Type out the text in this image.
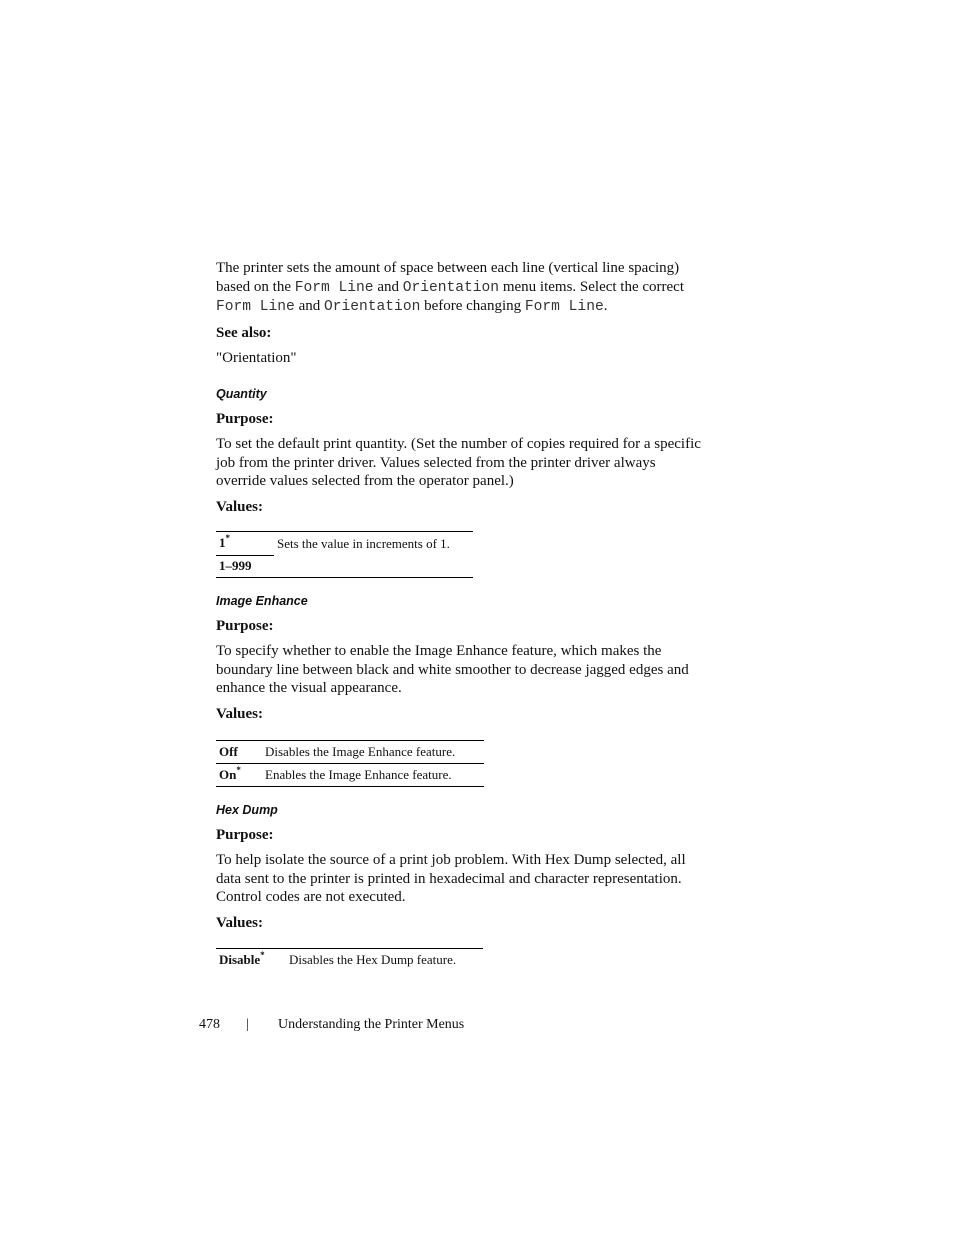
The printer sets the amount of space between each line (vertical line spacing)
based on the Form Line and Orientation menu items. Select the correct
Form Line and Orientation before changing Form Line.

See also:

"Orientation"

Quantity
Purpose:

To set the default print quantity. (Set the number of copies required for a specific
job from the printer driver. Values selected from the printer driver always
override values selected from the operator panel.)

Values:
1*	Sets the value in increments of 1.
1–999	
Image Enhance
Purpose:

To specify whether to enable the Image Enhance feature, which makes the
boundary line between black and white smoother to decrease jagged edges and
enhance the visual appearance.

Values:
Off	Disables the Image Enhance feature.
On*	Enables the Image Enhance feature.
Hex Dump
Purpose:

To help isolate the source of a print job problem. With Hex Dump selected, all
data sent to the printer is printed in hexadecimal and character representation.
Control codes are not executed.

Values:
Disable*	Disables the Hex Dump feature.
478 | Understanding the Printer Menus
